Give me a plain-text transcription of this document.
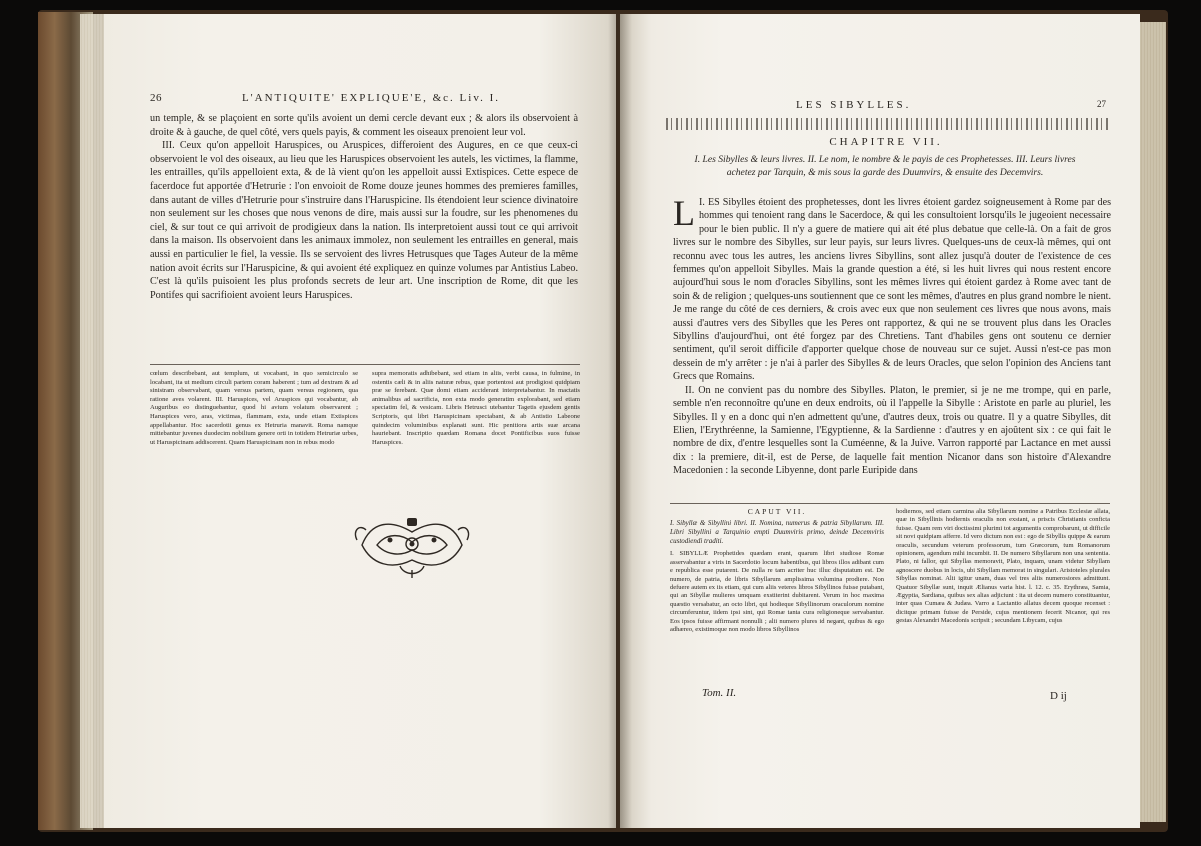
26	L'ANTIQUITE' EXPLIQUE'E, &c. Liv. I.

un temple, & se plaçoient en sorte qu'ils avoient un demi cercle devant eux ; & alors ils observoient à droite & à gauche, de quel côté, vers quels payis, & comment les oiseaux prenoient leur vol.

III. Ceux qu'on appelloit Haruspices, ou Aruspices, differoient des Augures, en ce que ceux-ci observoient le vol des oiseaux, au lieu que les Haruspices observoient les autels, les victimes, la flamme, les entrailles, qu'ils appelloient exta, & de là vient qu'on les appelloit aussi Extispices. Cette espece de facerdoce fut apportée d'Hetrurie : l'on envoioit de Rome douze jeunes hommes des premieres familles, dans autant de villes d'Hetrurie pour s'instruire dans l'Haruspicine. Ils étendoient leur science divinatoire non seulement sur les choses que nous venons de dire, mais aussi sur la foudre, sur les phenomenes du ciel, & sur tout ce qui arrivoit de prodigieux dans la nation. Ils interpretoient aussi tout ce qui arrivoit dans la maison. Ils observoient dans les animaux immolez, non seulement les entrailles en general, mais aussi en particulier le fiel, la vessie. Ils se servoient des livres Hetrusques que Tages Auteur de la même nation avoit écrits sur l'Haruspicine, & qui avoient été expliquez en quinze volumes par Antistius Labeo. C'est là qu'ils puisoient les plus profonds secrets de leur art. Une inscription de Rome, dit que les Pontifes qui sacrifioient avoient leurs Haruspices.

cœlum describebant, aut templum, ut vocabant, in quo semicirculo se locabant, ita ut medium circuli partem coram haberent ; tum ad dextram & ad sinistram observabant, quam versus partem, quam versus regionem, qua ratione aves volarent. III. Haruspices, vel Aruspices qui vocabantur, ab Auguribus eo distinguebantur, quod hi avium volatum observarent ; Haruspices vero, aras, victimas, flammam, exta, unde etiam Extispices appellabantur. Hoc sacerdotii genus ex Hetruria manavit. Roma namque mittebantur juvenes duodecim nobilium genere orti in totidem Hetruriæ urbes, ut Haruspicinam addiscerent. Quam Haruspicinam non in rebus modo
supra memoratis adhibebant, sed etiam in aliis, verbi causa, in fulmine, in ostentis cæli & in aliis naturæ rebus, quæ portentosi aut prodigiosi quidpiam præ se ferebant. Quæ domi etiam acciderant interpretabantur. In mactatis animalibus ad sacrificia, non exta modo generatim explorabant, sed etiam speciatim fel, & vesicam. Libris Hetrusci utebantur Tagetis ejusdem gentis Scriptoris, qui libri Haruspicinam spectabant, & ab Antistio Labeone quindecim voluminibus explanati sunt. Hic penitiora artis suæ arcana hauriebant. Inscriptio quædam Romana docet Pontificibus suos fuisse Haruspices.
LES SIBYLLES.	27
CHAPITRE VII.
I. Les Sibylles & leurs livres. II. Le nom, le nombre & le payis de ces Prophetesses. III. Leurs livres achetez par Tarquin, & mis sous la garde des Duumvirs, & ensuite des Decemvirs.

L I. ES Sibylles étoient des prophetesses, dont les livres étoient gardez soigneusement à Rome par des hommes qui tenoient rang dans le Sacerdoce, & qui les consultoient lorsqu'ils le jugeoient necessaire pour le bien public. Il n'y a guere de matiere qui ait été plus debatue que celle-là. On a fait de gros livres sur le nombre des Sibylles, sur leur payis, sur leurs livres. Quelques-uns de ceux-là mêmes, qui ont reconnu avec tous les autres, les anciens livres Sibyllins, sont allez jusqu'à douter de l'existence de ces femmes qu'on appelloit Sibylles. Mais la grande question a été, si les huit livres qui nous restent encore aujourd'hui sous le nom d'oracles Sibyllins, sont les mêmes livres qui étoient gardez à Rome avec tant de soin & de religion ; quelques-uns soutiennent que ce sont les mêmes, d'autres en plus grand nombre le nient. Je me range du côté de ces derniers, & crois avec eux que non seulement ces livres que nous avons, mais aussi d'autres vers des Sibylles que les Peres ont rapportez, & qui ne se trouvent plus dans les Oracles Sibyllins d'aujourd'hui, ont été forgez par des Chretiens. Tant d'habiles gens ont soutenu ce dernier sentiment, qu'il seroit difficile d'apporter quelque chose de nouveau sur ce sujet. Aussi n'est-ce pas mon dessein de m'y arrêter : je n'ai à parler des Sibylles & de leurs Oracles, que selon l'opinion des Anciens tant Grecs que Romains.

II. On ne convient pas du nombre des Sibylles. Platon, le premier, si je ne me trompe, qui en parle, semble n'en reconnoître qu'une en deux endroits, où il l'appelle la Sibylle : Aristote en parle au pluriel, les Sibylles. Il y en a donc qui n'en admettent qu'une, d'autres deux, trois ou quatre. Il y a quatre Sibylles, dit Elien, l'Erythréenne, la Samienne, l'Egyptienne, & la Sardienne : d'autres y en ajoûtent six : ce qui fait le nombre de dix, d'entre lesquelles sont la Cuméenne, & la Juive. Varron rapporté par Lactance en met aussi dix : la premiere, dit-il, est de Perse, de laquelle fait mention Nicanor dans son histoire d'Alexandre Macedonien : la seconde Libyenne, dont parle Euripide dans

CAPUT VII.
I. Sibyllæ & Sibyllini libri. II. Nomina, numerus & patria Sibyllarum. III. Libri Sibyllini a Tarquinio empti Duumviris primo, deinde Decemviris custodiendi traditi.
I. SIBYLLÆ Prophetides quædam erant, quarum libri studiose Romæ asservabantur a viris in Sacerdotio locum habentibus, qui libros illos adibant cum e republica esse putarent. De nulla re tam acriter huc illuc disputatum est. De numero, de patria, de libris Sibyllarum amplissima volumina prodiere. Non defuere autem ex iis etiam, qui cum aliis veteres libros Sibyllinos fuisse putabant, qui an Sibyllæ mulieres umquam exstiterint dubitarent. Verum in hoc maxima quæstio versabatur, an octo libri, qui hodieque Sibyllinorum oraculorum nomine circumferuntur, iidem ipsi sint, qui Romæ tanta cura religioneque servabantur. Eos ipsos fuisse affirmant nonnulli ; alii numero plures id negant, quibus & ego adhæreo, existimoque non modo libros Sibyllinos
hodiernos, sed etiam carmina alia Sibyllarum nomine a Patribus Ecclesiæ allata, quæ in Sibyllinis hodiernis oraculis non exstant, a priscis Christianis conficta fuisse. Quam rem viri doctissimi plurimi tot argumentis comprobarunt, ut difficile sit novi quidpiam afferre. Id vero dictum non est : ego de Sibyllis quippe & earum oraculis, secundum veterum professorum, tum Græcorum, tum Romanorum opinionem, agendum mihi incumbit. II. De numero Sibyllarum non una sententia. Plato, ni fallor, qui Sibyllas memoravit, Plato, inquam, unam videtur Sibyllam agnoscere duobus in locis, ubi Sibyllam memorat in singulari. Aristoteles plurales Sibyllas nominat. Alii igitur unam, duas vel tres aliis numerosiores admittunt. Quatuor Sibyllæ sunt, inquit Ælianus varia hist. l. 12. c. 35. Erythræa, Samia, Ægyptia, Sardiana, quibus sex alias adjiciunt : ita ut decem numero constituantur, inter quas Cumæa & Judæa. Varro a Lactantio allatus decem quoque recenset : dicitque primam fuisse de Perside, cujus mentionem fecerit Nicanor, qui res gestas Alexandri Macedonis scripsit ; secundam Libycam, cujus
Tom. II.	D ij
